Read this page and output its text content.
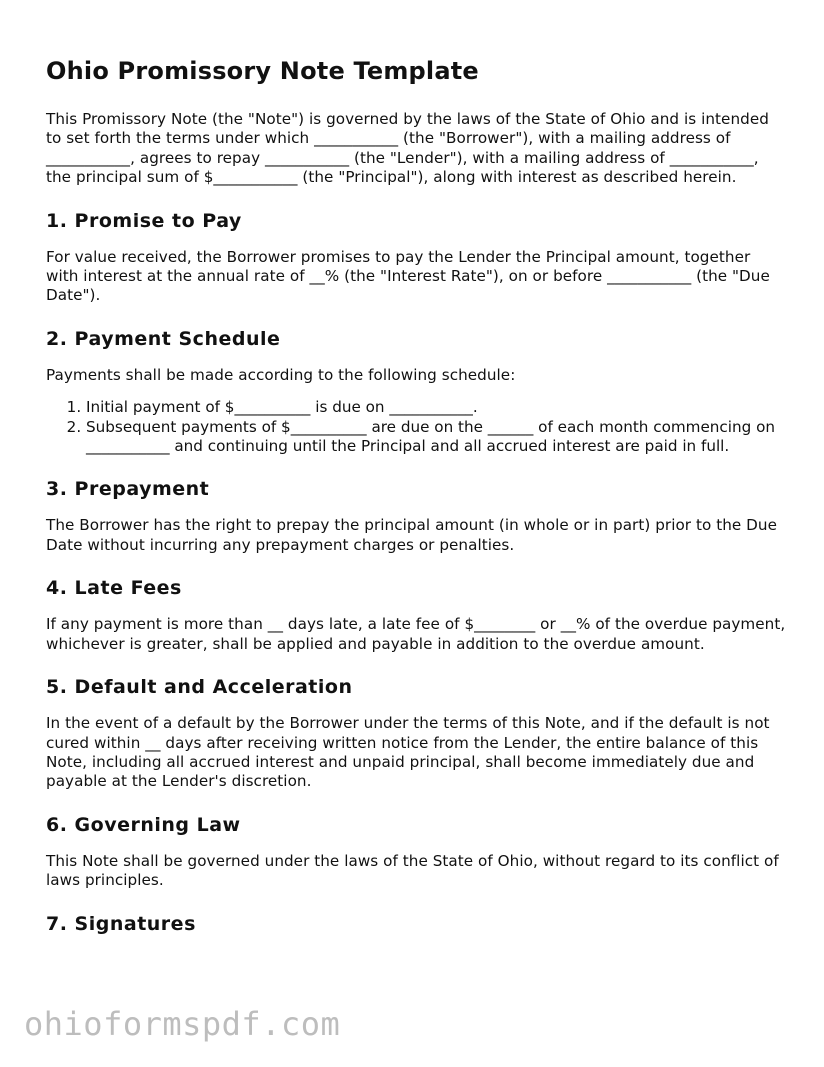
Ohio Promissory Note Template

This Promissory Note (the "Note") is governed by the laws of the State of Ohio and is intended to set forth the terms under which ___________ (the "Borrower"), with a mailing address of ___________, agrees to repay ___________ (the "Lender"), with a mailing address of ___________, the principal sum of $___________ (the "Principal"), along with interest as described herein.

1. Promise to Pay

For value received, the Borrower promises to pay the Lender the Principal amount, together with interest at the annual rate of __% (the "Interest Rate"), on or before ___________ (the "Due Date").

2. Payment Schedule

Payments shall be made according to the following schedule:

1. Initial payment of $__________ is due on ___________.
2. Subsequent payments of $__________ are due on the ______ of each month commencing on ___________ and continuing until the Principal and all accrued interest are paid in full.
3. Prepayment

The Borrower has the right to prepay the principal amount (in whole or in part) prior to the Due Date without incurring any prepayment charges or penalties.

4. Late Fees

If any payment is more than __ days late, a late fee of $________ or __% of the overdue payment, whichever is greater, shall be applied and payable in addition to the overdue amount.

5. Default and Acceleration

In the event of a default by the Borrower under the terms of this Note, and if the default is not cured within __ days after receiving written notice from the Lender, the entire balance of this Note, including all accrued interest and unpaid principal, shall become immediately due and payable at the Lender's discretion.

6. Governing Law

This Note shall be governed under the laws of the State of Ohio, without regard to its conflict of laws principles.

7. Signatures
ohioformspdf.com
